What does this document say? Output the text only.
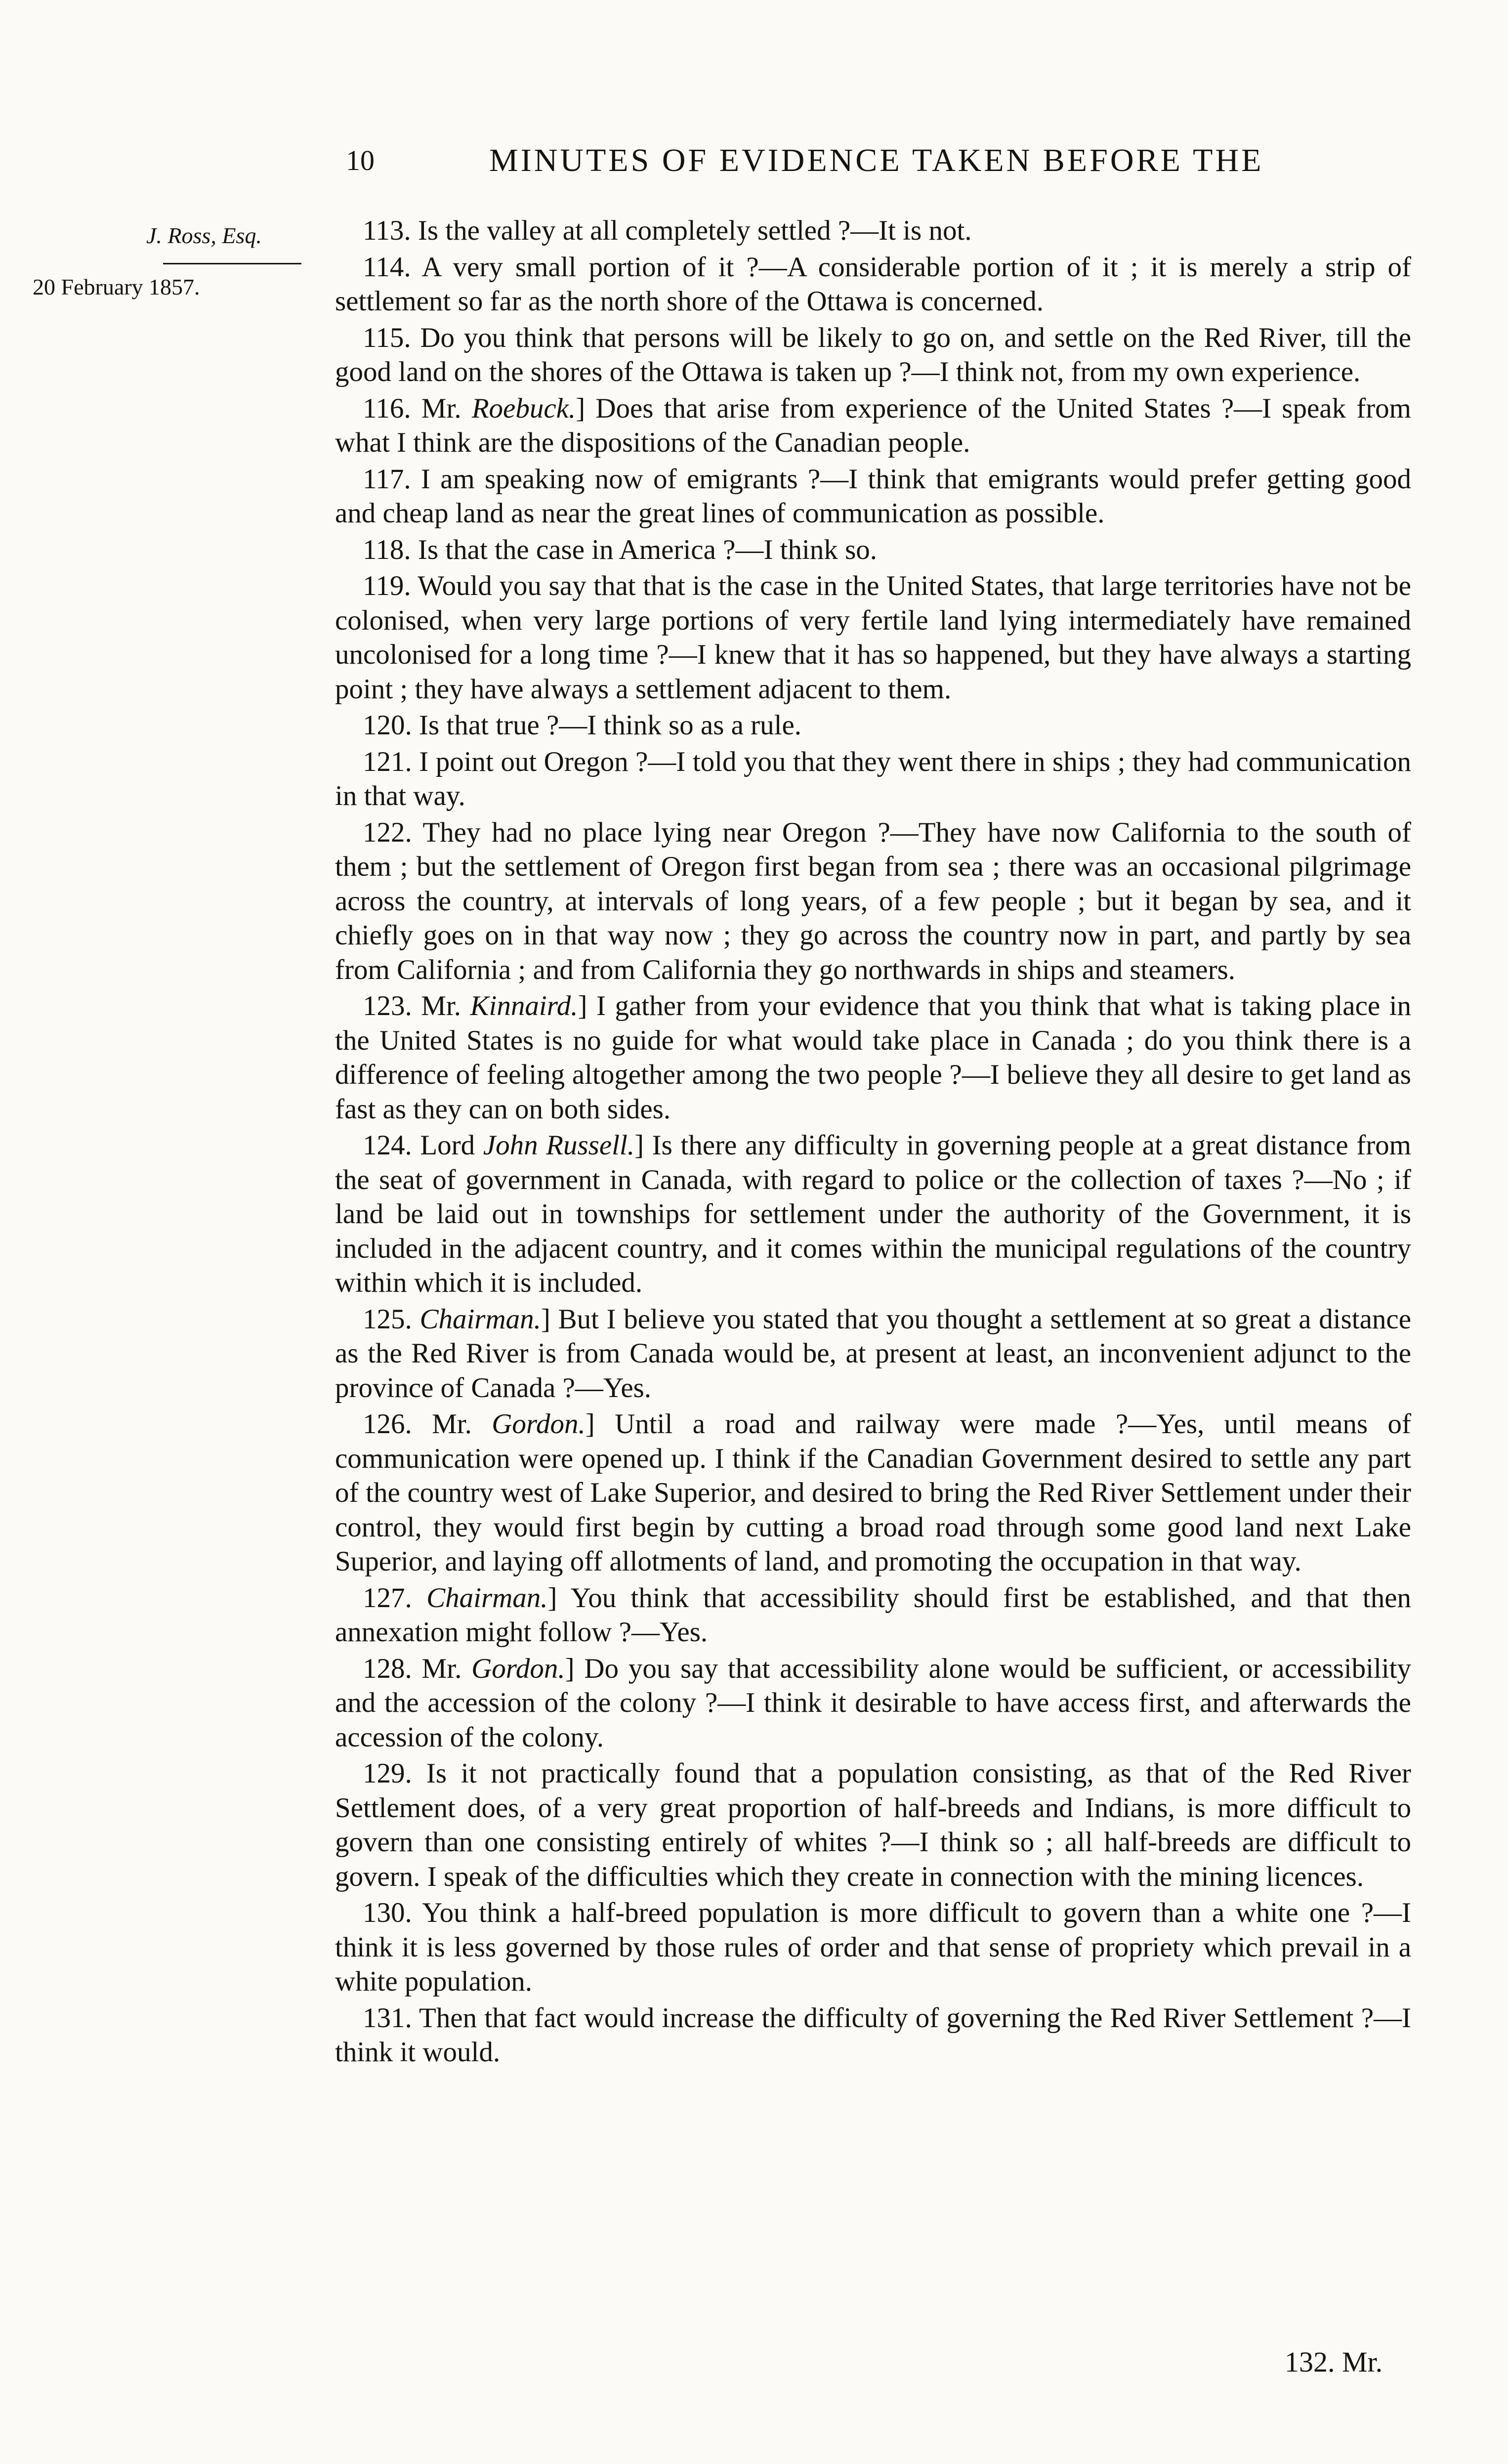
10	MINUTES OF EVIDENCE TAKEN BEFORE THE
J. Ross, Esq.
20 February 1857.

113. Is the valley at all completely settled ?—It is not.

114. A very small portion of it ?—A considerable portion of it ; it is merely a strip of settlement so far as the north shore of the Ottawa is concerned.

115. Do you think that persons will be likely to go on, and settle on the Red River, till the good land on the shores of the Ottawa is taken up ?—I think not, from my own experience.

116. Mr. Roebuck.] Does that arise from experience of the United States ?—I speak from what I think are the dispositions of the Canadian people.

117. I am speaking now of emigrants ?—I think that emigrants would prefer getting good and cheap land as near the great lines of communication as possible.

118. Is that the case in America ?—I think so.

119. Would you say that that is the case in the United States, that large territories have not be colonised, when very large portions of very fertile land lying intermediately have remained uncolonised for a long time ?—I knew that it has so happened, but they have always a starting point ; they have always a settlement adjacent to them.

120. Is that true ?—I think so as a rule.

121. I point out Oregon ?—I told you that they went there in ships ; they had communication in that way.

122. They had no place lying near Oregon ?—They have now California to the south of them ; but the settlement of Oregon first began from sea ; there was an occasional pilgrimage across the country, at intervals of long years, of a few people ; but it began by sea, and it chiefly goes on in that way now ; they go across the country now in part, and partly by sea from California ; and from California they go northwards in ships and steamers.

123. Mr. Kinnaird.] I gather from your evidence that you think that what is taking place in the United States is no guide for what would take place in Canada ; do you think there is a difference of feeling altogether among the two people ?—I believe they all desire to get land as fast as they can on both sides.

124. Lord John Russell.] Is there any difficulty in governing people at a great distance from the seat of government in Canada, with regard to police or the collection of taxes ?—No ; if land be laid out in townships for settlement under the authority of the Government, it is included in the adjacent country, and it comes within the municipal regulations of the country within which it is included.

125. Chairman.] But I believe you stated that you thought a settlement at so great a distance as the Red River is from Canada would be, at present at least, an inconvenient adjunct to the province of Canada ?—Yes.

126. Mr. Gordon.] Until a road and railway were made ?—Yes, until means of communication were opened up. I think if the Canadian Government desired to settle any part of the country west of Lake Superior, and desired to bring the Red River Settlement under their control, they would first begin by cutting a broad road through some good land next Lake Superior, and laying off allotments of land, and promoting the occupation in that way.

127. Chairman.] You think that accessibility should first be established, and that then annexation might follow ?—Yes.

128. Mr. Gordon.] Do you say that accessibility alone would be sufficient, or accessibility and the accession of the colony ?—I think it desirable to have access first, and afterwards the accession of the colony.

129. Is it not practically found that a population consisting, as that of the Red River Settlement does, of a very great proportion of half-breeds and Indians, is more difficult to govern than one consisting entirely of whites ?—I think so ; all half-breeds are difficult to govern. I speak of the difficulties which they create in connection with the mining licences.

130. You think a half-breed population is more difficult to govern than a white one ?—I think it is less governed by those rules of order and that sense of propriety which prevail in a white population.

131. Then that fact would increase the difficulty of governing the Red River Settlement ?—I think it would.

132. Mr.
